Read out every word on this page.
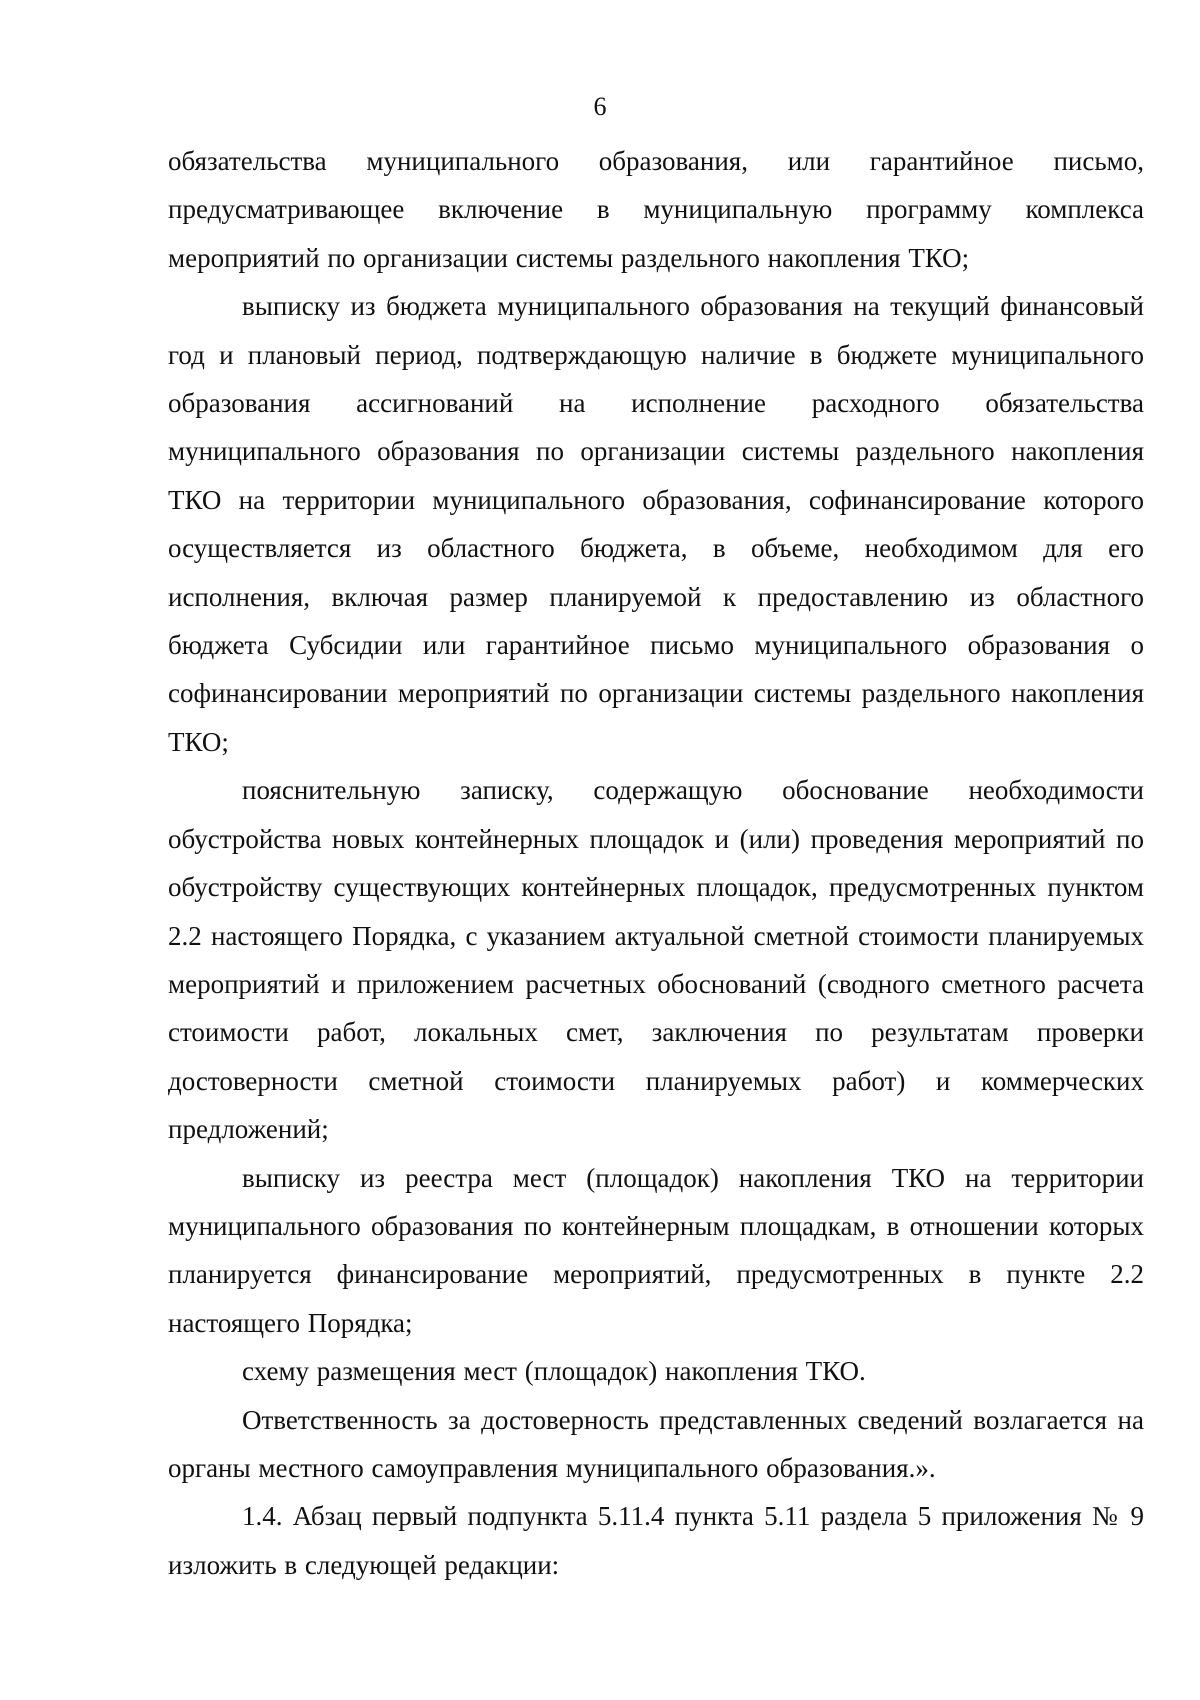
6

обязательства муниципального образования, или гарантийное письмо, предусматривающее включение в муниципальную программу комплекса мероприятий по организации системы раздельного накопления ТКО;

выписку из бюджета муниципального образования на текущий финансовый год и плановый период, подтверждающую наличие в бюджете муниципального образования ассигнований на исполнение расходного обязательства муниципального образования по организации системы раздельного накопления ТКО на территории муниципального образования, софинансирование которого осуществляется из областного бюджета, в объеме, необходимом для его исполнения, включая размер планируемой к предоставлению из областного бюджета Субсидии или гарантийное письмо муниципального образования о софинансировании мероприятий по организации системы раздельного накопления ТКО;

пояснительную записку, содержащую обоснование необходимости обустройства новых контейнерных площадок и (или) проведения мероприятий по обустройству существующих контейнерных площадок, предусмотренных пунктом 2.2 настоящего Порядка, с указанием актуальной сметной стоимости планируемых мероприятий и приложением расчетных обоснований (сводного сметного расчета стоимости работ, локальных смет, заключения по результатам проверки достоверности сметной стоимости планируемых работ) и коммерческих предложений;

выписку из реестра мест (площадок) накопления ТКО на территории муниципального образования по контейнерным площадкам, в отношении которых планируется финансирование мероприятий, предусмотренных в пункте 2.2 настоящего Порядка;

схему размещения мест (площадок) накопления ТКО.

Ответственность за достоверность представленных сведений возлагается на органы местного самоуправления муниципального образования.».

1.4. Абзац первый подпункта 5.11.4 пункта 5.11 раздела 5 приложения № 9 изложить в следующей редакции:
